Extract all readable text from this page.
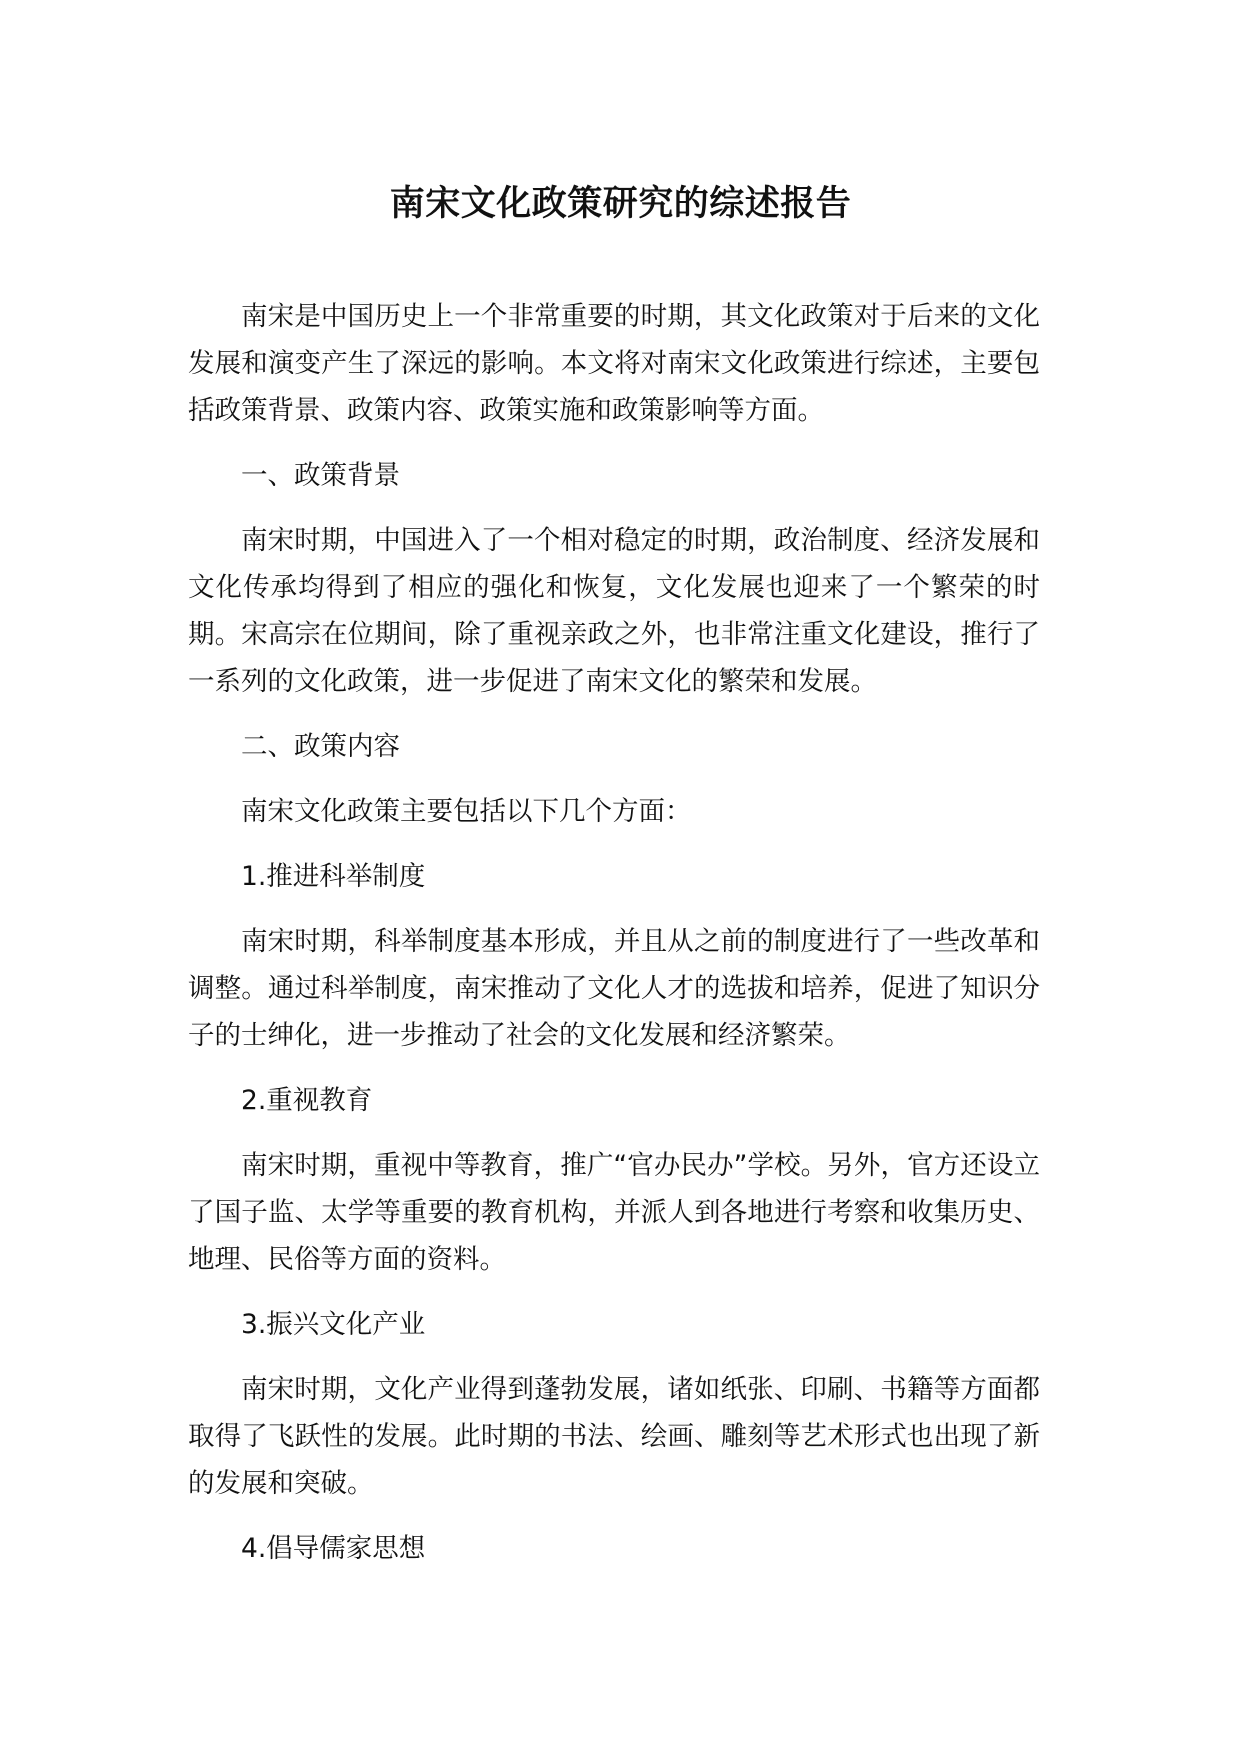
南宋文化政策研究的综述报告

南宋是中国历史上一个非常重要的时期，其文化政策对于后来的文化发展和演变产生了深远的影响。本文将对南宋文化政策进行综述，主要包括政策背景、政策内容、政策实施和政策影响等方面。

一、政策背景

南宋时期，中国进入了一个相对稳定的时期，政治制度、经济发展和文化传承均得到了相应的强化和恢复，文化发展也迎来了一个繁荣的时期。宋高宗在位期间，除了重视亲政之外，也非常注重文化建设，推行了一系列的文化政策，进一步促进了南宋文化的繁荣和发展。

二、政策内容

南宋文化政策主要包括以下几个方面：

1.推进科举制度

南宋时期，科举制度基本形成，并且从之前的制度进行了一些改革和调整。通过科举制度，南宋推动了文化人才的选拔和培养，促进了知识分子的士绅化，进一步推动了社会的文化发展和经济繁荣。

2.重视教育

南宋时期，重视中等教育，推广“官办民办”学校。另外，官方还设立了国子监、太学等重要的教育机构，并派人到各地进行考察和收集历史、地理、民俗等方面的资料。

3.振兴文化产业

南宋时期，文化产业得到蓬勃发展，诸如纸张、印刷、书籍等方面都取得了飞跃性的发展。此时期的书法、绘画、雕刻等艺术形式也出现了新的发展和突破。

4.倡导儒家思想
